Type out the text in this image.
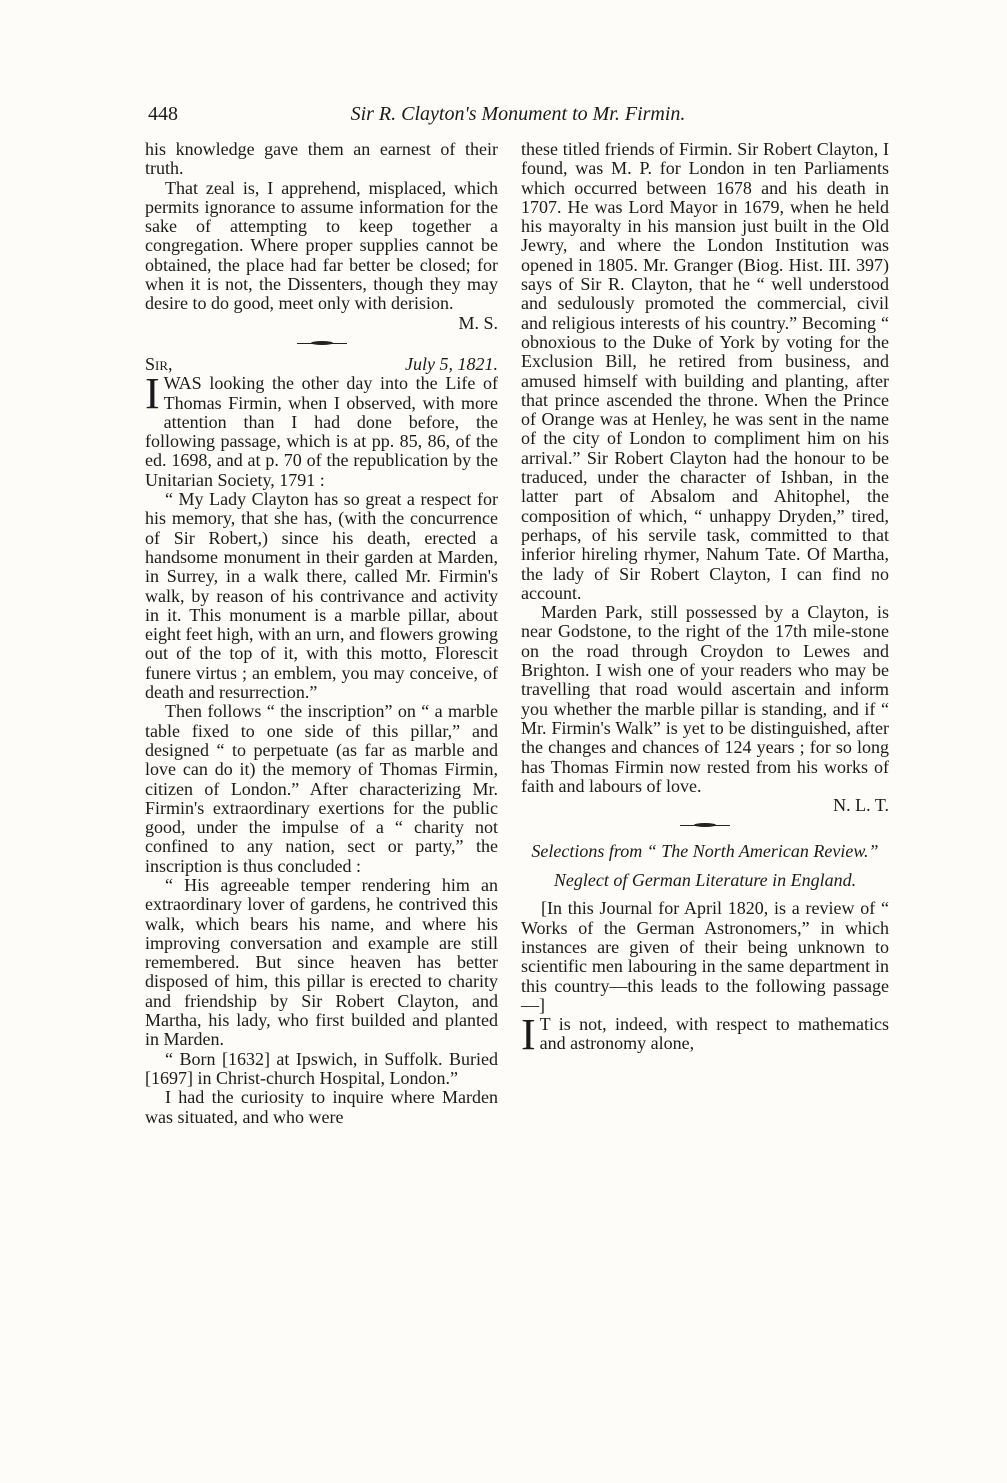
448	Sir R. Clayton's Monument to Mr. Firmin.

his knowledge gave them an earnest of their truth.

That zeal is, I apprehend, misplaced, which permits ignorance to assume information for the sake of attempting to keep together a congregation. Where proper supplies cannot be obtained, the place had far better be closed; for when it is not, the Dissenters, though they may desire to do good, meet only with derision.

M. S.

Sir,	July 5, 1821.

IWAS looking the other day into the Life of Thomas Firmin, when I observed, with more attention than I had done before, the following passage, which is at pp. 85, 86, of the ed. 1698, and at p. 70 of the republication by the Unitarian Society, 1791 :

“ My Lady Clayton has so great a respect for his memory, that she has, (with the concurrence of Sir Robert,) since his death, erected a handsome monument in their garden at Marden, in Surrey, in a walk there, called Mr. Firmin's walk, by reason of his contrivance and activity in it. This monument is a marble pillar, about eight feet high, with an urn, and flowers growing out of the top of it, with this motto, Florescit funere virtus ; an emblem, you may conceive, of death and resurrection.”

Then follows “ the inscription” on “ a marble table fixed to one side of this pillar,” and designed “ to perpetuate (as far as marble and love can do it) the memory of Thomas Firmin, citizen of London.” After characterizing Mr. Firmin's extraordinary exertions for the public good, under the impulse of a “ charity not confined to any nation, sect or party,” the inscription is thus concluded :

“ His agreeable temper rendering him an extraordinary lover of gardens, he contrived this walk, which bears his name, and where his improving conversation and example are still remembered. But since heaven has better disposed of him, this pillar is erected to charity and friendship by Sir Robert Clayton, and Martha, his lady, who first builded and planted in Marden.

“ Born [1632] at Ipswich, in Suffolk. Buried [1697] in Christ-church Hospital, London.”

I had the curiosity to inquire where Marden was situated, and who were

these titled friends of Firmin. Sir Robert Clayton, I found, was M. P. for London in ten Parliaments which occurred between 1678 and his death in 1707. He was Lord Mayor in 1679, when he held his mayoralty in his mansion just built in the Old Jewry, and where the London Institution was opened in 1805. Mr. Granger (Biog. Hist. III. 397) says of Sir R. Clayton, that he “ well understood and sedulously promoted the commercial, civil and religious interests of his country.” Becoming “ obnoxious to the Duke of York by voting for the Exclusion Bill, he retired from business, and amused himself with building and planting, after that prince ascended the throne. When the Prince of Orange was at Henley, he was sent in the name of the city of London to compliment him on his arrival.” Sir Robert Clayton had the honour to be traduced, under the character of Ishban, in the latter part of Absalom and Ahitophel, the composition of which, “ unhappy Dryden,” tired, perhaps, of his servile task, committed to that inferior hireling rhymer, Nahum Tate. Of Martha, the lady of Sir Robert Clayton, I can find no account.

Marden Park, still possessed by a Clayton, is near Godstone, to the right of the 17th mile-stone on the road through Croydon to Lewes and Brighton. I wish one of your readers who may be travelling that road would ascertain and inform you whether the marble pillar is standing, and if “ Mr. Firmin's Walk” is yet to be distinguished, after the changes and chances of 124 years ; for so long has Thomas Firmin now rested from his works of faith and labours of love.

N. L. T.

Selections from “ The North American Review.”
Neglect of German Literature in England.

[In this Journal for April 1820, is a review of “ Works of the German Astronomers,” in which instances are given of their being unknown to scientific men labouring in the same department in this country—this leads to the following passage—]

I T is not, indeed, with respect to mathematics and astronomy alone,
